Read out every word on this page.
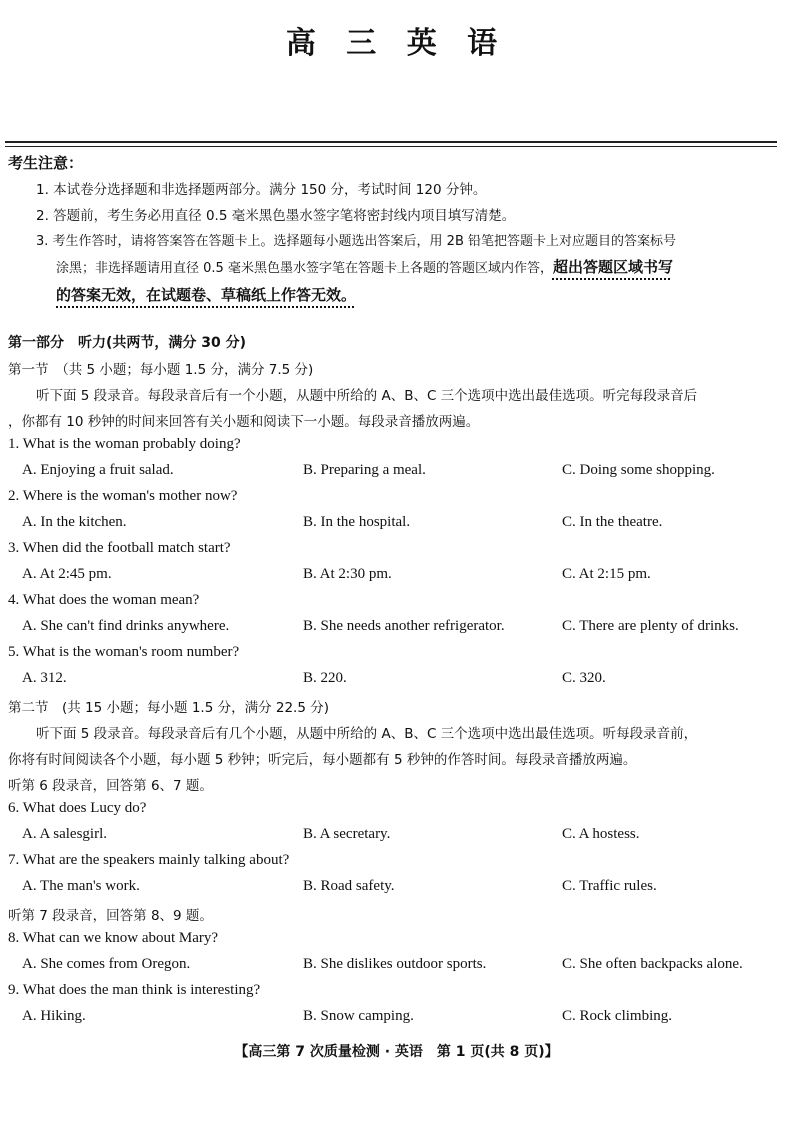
高 三 英 语
考生注意：
1. 本试卷分选择题和非选择题两部分。满分 150 分，考试时间 120 分钟。
2. 答题前，考生务必用直径 0.5 毫米黑色墨水签字笔将密封线内项目填写清楚。
3. 考生作答时，请将答案答在答题卡上。选择题每小题选出答案后，用 2B 铅笔把答题卡上对应题目的答案标号
涂黑；非选择题请用直径 0.5 毫米黑色墨水签字笔在答题卡上各题的答题区域内作答，超出答题区域书写
的答案无效，在试题卷、草稿纸上作答无效。
第一部分　听力(共两节，满分 30 分)
第一节　（共 5 小题；每小题 1.5 分，满分 7.5 分)
听下面 5 段录音。每段录音后有一个小题，从题中所给的 A、B、C 三个选项中选出最佳选项。听完每段录音后
，你都有 10 秒钟的时间来回答有关小题和阅读下一小题。每段录音播放两遍。
1. What is the woman probably doing?
A. Enjoying a fruit salad.	B. Preparing a meal.	C. Doing some shopping.
2. Where is the woman's mother now?
A. In the kitchen.	B. In the hospital.	C. In the theatre.
3. When did the football match start?
A. At 2:45 pm.	B. At 2:30 pm.	C. At 2:15 pm.
4. What does the woman mean?
A. She can't find drinks anywhere.	B. She needs another refrigerator.	C. There are plenty of drinks.
5. What is the woman's room number?
A. 312.	B. 220.	C. 320.
第二节　(共 15 小题；每小题 1.5 分，满分 22.5 分)
听下面 5 段录音。每段录音后有几个小题，从题中所给的 A、B、C 三个选项中选出最佳选项。听每段录音前，
你将有时间阅读各个小题，每小题 5 秒钟；听完后，每小题都有 5 秒钟的作答时间。每段录音播放两遍。
听第 6 段录音，回答第 6、7 题。
6. What does Lucy do?
A. A salesgirl.	B. A secretary.	C. A hostess.
7. What are the speakers mainly talking about?
A. The man's work.	B. Road safety.	C. Traffic rules.
听第 7 段录音，回答第 8、9 题。
8. What can we know about Mary?
A. She comes from Oregon.	B. She dislikes outdoor sports.	C. She often backpacks alone.
9. What does the man think is interesting?
A. Hiking.	B. Snow camping.	C. Rock climbing.
【高三第 7 次质量检测 · 英语　第 1 页(共 8 页)】
